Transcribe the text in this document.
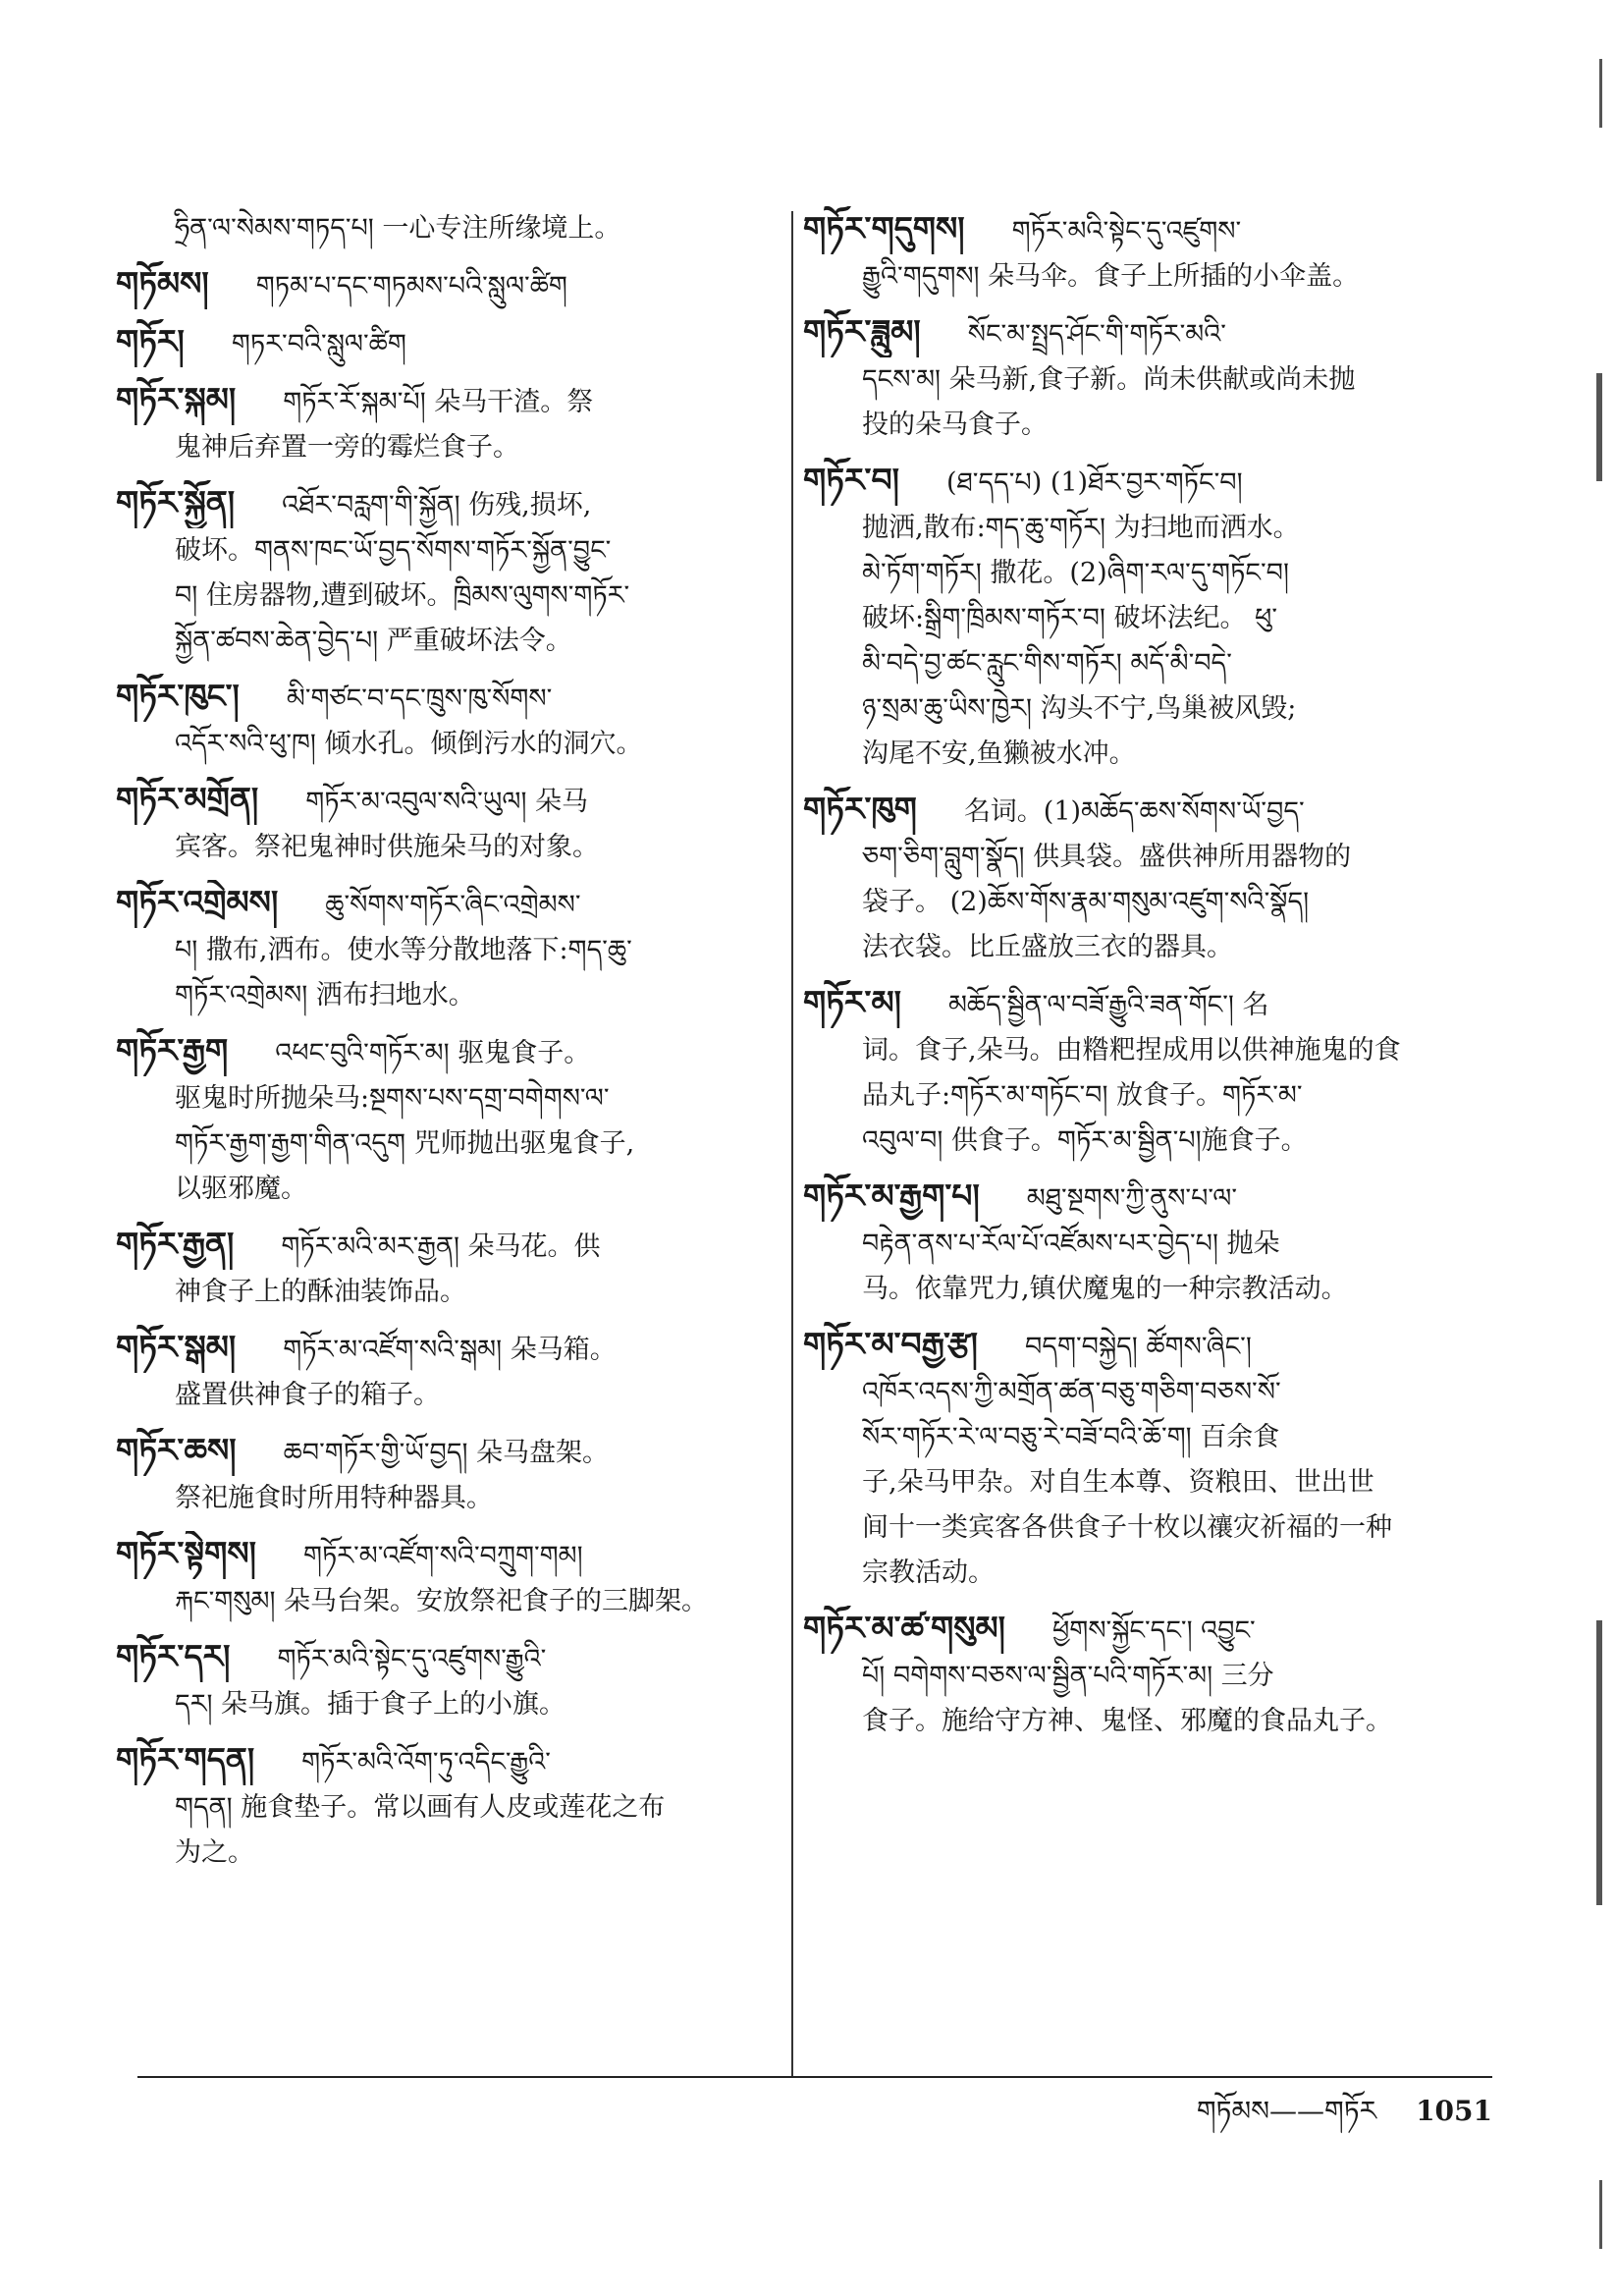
ཧྲིན་ལ་སེམས་གཏད་པ། 一心专注所缘境上。
གཏོམས། གཏམ་པ་དང་གཏམས་པའི་སླུལ་ཚིག
གཏོར། གཏར་བའི་སླུལ་ཚིག
གཏོར་སྐམ། གཏོར་རོ་སྐམ་པོ། 朵马干渣。祭
鬼神后弃置一旁的霉烂食子。
གཏོར་སྐྱོན། འཐོར་བརླག་གི་སྐྱོན། 伤残,损坏,
破坏。གནས་ཁང་ཡོ་བྱད་སོགས་གཏོར་སྐྱོན་བྱུང་
བ། 住房器物,遭到破坏。ཁྲིམས་ལུགས་གཏོར་
སྐྱོན་ཚབས་ཆེན་བྱེད་པ། 严重破坏法令。
གཏོར་ཁུང་། མི་གཙང་བ་དང་ཁྲུས་ཁུ་སོགས་
འདོར་སའི་ཕུ་ཁ། 倾水孔。倾倒污水的洞穴。
གཏོར་མགྲོན། གཏོར་མ་འབུལ་སའི་ཡུལ། 朵马
宾客。祭祀鬼神时供施朵马的对象。
གཏོར་འགྲེམས། ཆུ་སོགས་གཏོར་ཞིང་འགྲེམས་
པ། 撒布,洒布。使水等分散地落下:གད་ཆུ་
གཏོར་འགྲེམས། 洒布扫地水。
གཏོར་རྒྱག འཕང་བུའི་གཏོར་མ། 驱鬼食子。
驱鬼时所抛朵马:སྔགས་པས་དགྲ་བགེགས་ལ་
གཏོར་རྒྱག་རྒྱག་གིན་འདུག 咒师抛出驱鬼食子,
以驱邪魔。
གཏོར་རྒྱན། གཏོར་མའི་མར་རྒྱན། 朵马花。供
神食子上的酥油装饰品。
གཏོར་སྒམ། གཏོར་མ་འཛོག་སའི་སྒམ། 朵马箱。
盛置供神食子的箱子。
གཏོར་ཆས། ཆབ་གཏོར་གྱི་ཡོ་བྱད། 朵马盘架。
祭祀施食时所用特种器具。
གཏོར་སྟེགས། གཏོར་མ་འཛོག་སའི་བཀྲུག་གམ།
རྐང་གསུམ། 朵马台架。安放祭祀食子的三脚架。
གཏོར་དར། གཏོར་མའི་སྟེང་དུ་འཛུགས་རྒྱུའི་
དར། 朵马旗。插于食子上的小旗。
གཏོར་གདན། གཏོར་མའི་འོག་ཏུ་འདིང་རྒྱུའི་
གདན། 施食垫子。常以画有人皮或莲花之布
为之。
གཏོར་གདུགས། གཏོར་མའི་སྟེང་དུ་འཛུགས་
རྒྱུའི་གདུགས། 朵马伞。食子上所插的小伞盖。
གཏོར་ཟླུམ། སོང་མ་སྤྲད་ཤོང་གི་གཏོར་མའི་
དངས་མ། 朵马新,食子新。尚未供献或尚未抛
投的朵马食子。
གཏོར་བ། (ཐ་དད་པ) (1)ཐོར་བྱར་གཏོང་བ།
抛洒,散布:གད་ཆུ་གཏོར། 为扫地而洒水。
མེ་ཏོག་གཏོར། 撒花。(2)ཞིག་རལ་དུ་གཏོང་བ།
破坏:སྒྲིག་ཁྲིམས་གཏོར་བ། 破坏法纪。 ཕུ་
མི་བདེ་བྱ་ཚང་རླུང་གིས་གཏོར། མདོ་མི་བདེ་
ཉ་སྲམ་ཆུ་ཡིས་ཁྱེར། 沟头不宁,鸟巢被风毁;
沟尾不安,鱼獭被水冲。
གཏོར་ཁུག 名词。(1)མཆོད་ཆས་སོགས་ཡོ་བྱད་
ཅག་ཅིག་བླུག་སྣོད། 供具袋。盛供神所用器物的
袋子。 (2)ཆོས་གོས་རྣམ་གསུམ་འཛུག་སའི་སྣོད།
法衣袋。比丘盛放三衣的器具。
གཏོར་མ། མཆོད་སྦྱིན་ལ་བཟོ་རྒྱུའི་ཟན་གོང་། 名
词。食子,朵马。由糌粑捏成用以供神施鬼的食
品丸子:གཏོར་མ་གཏོང་བ། 放食子。གཏོར་མ་
འབུལ་བ། 供食子。གཏོར་མ་སྦྱིན་པ།施食子。
གཏོར་མ་རྒྱག་པ། མཐུ་སྔགས་ཀྱི་ནུས་པ་ལ་
བརྟེན་ནས་པ་རོལ་པོ་འཛོམས་པར་བྱེད་པ། 抛朵
马。依靠咒力,镇伏魔鬼的一种宗教活动。
གཏོར་མ་བརྒྱ་རྩ། བདག་བསྐྱེད། ཚོགས་ཞིང་།
འཁོར་འདས་ཀྱི་མགྲོན་ཚན་བཅུ་གཅིག་བཅས་སོ་
སོར་གཏོར་རེ་ལ་བཅུ་རེ་བཟོ་བའི་ཆོ་ག། 百余食
子,朵马甲杂。对自生本尊、资粮田、世出世
间十一类宾客各供食子十枚以禳灾祈福的一种
宗教活动。
གཏོར་མ་ཚ་གསུམ། ཕྱོགས་སྐྱོང་དང་། འབྱུང་
པོ། བགེགས་བཅས་ལ་སྦྱིན་པའི་གཏོར་མ། 三分
食子。施给守方神、鬼怪、邪魔的食品丸子。
གཏོམས——གཏོར 1051
